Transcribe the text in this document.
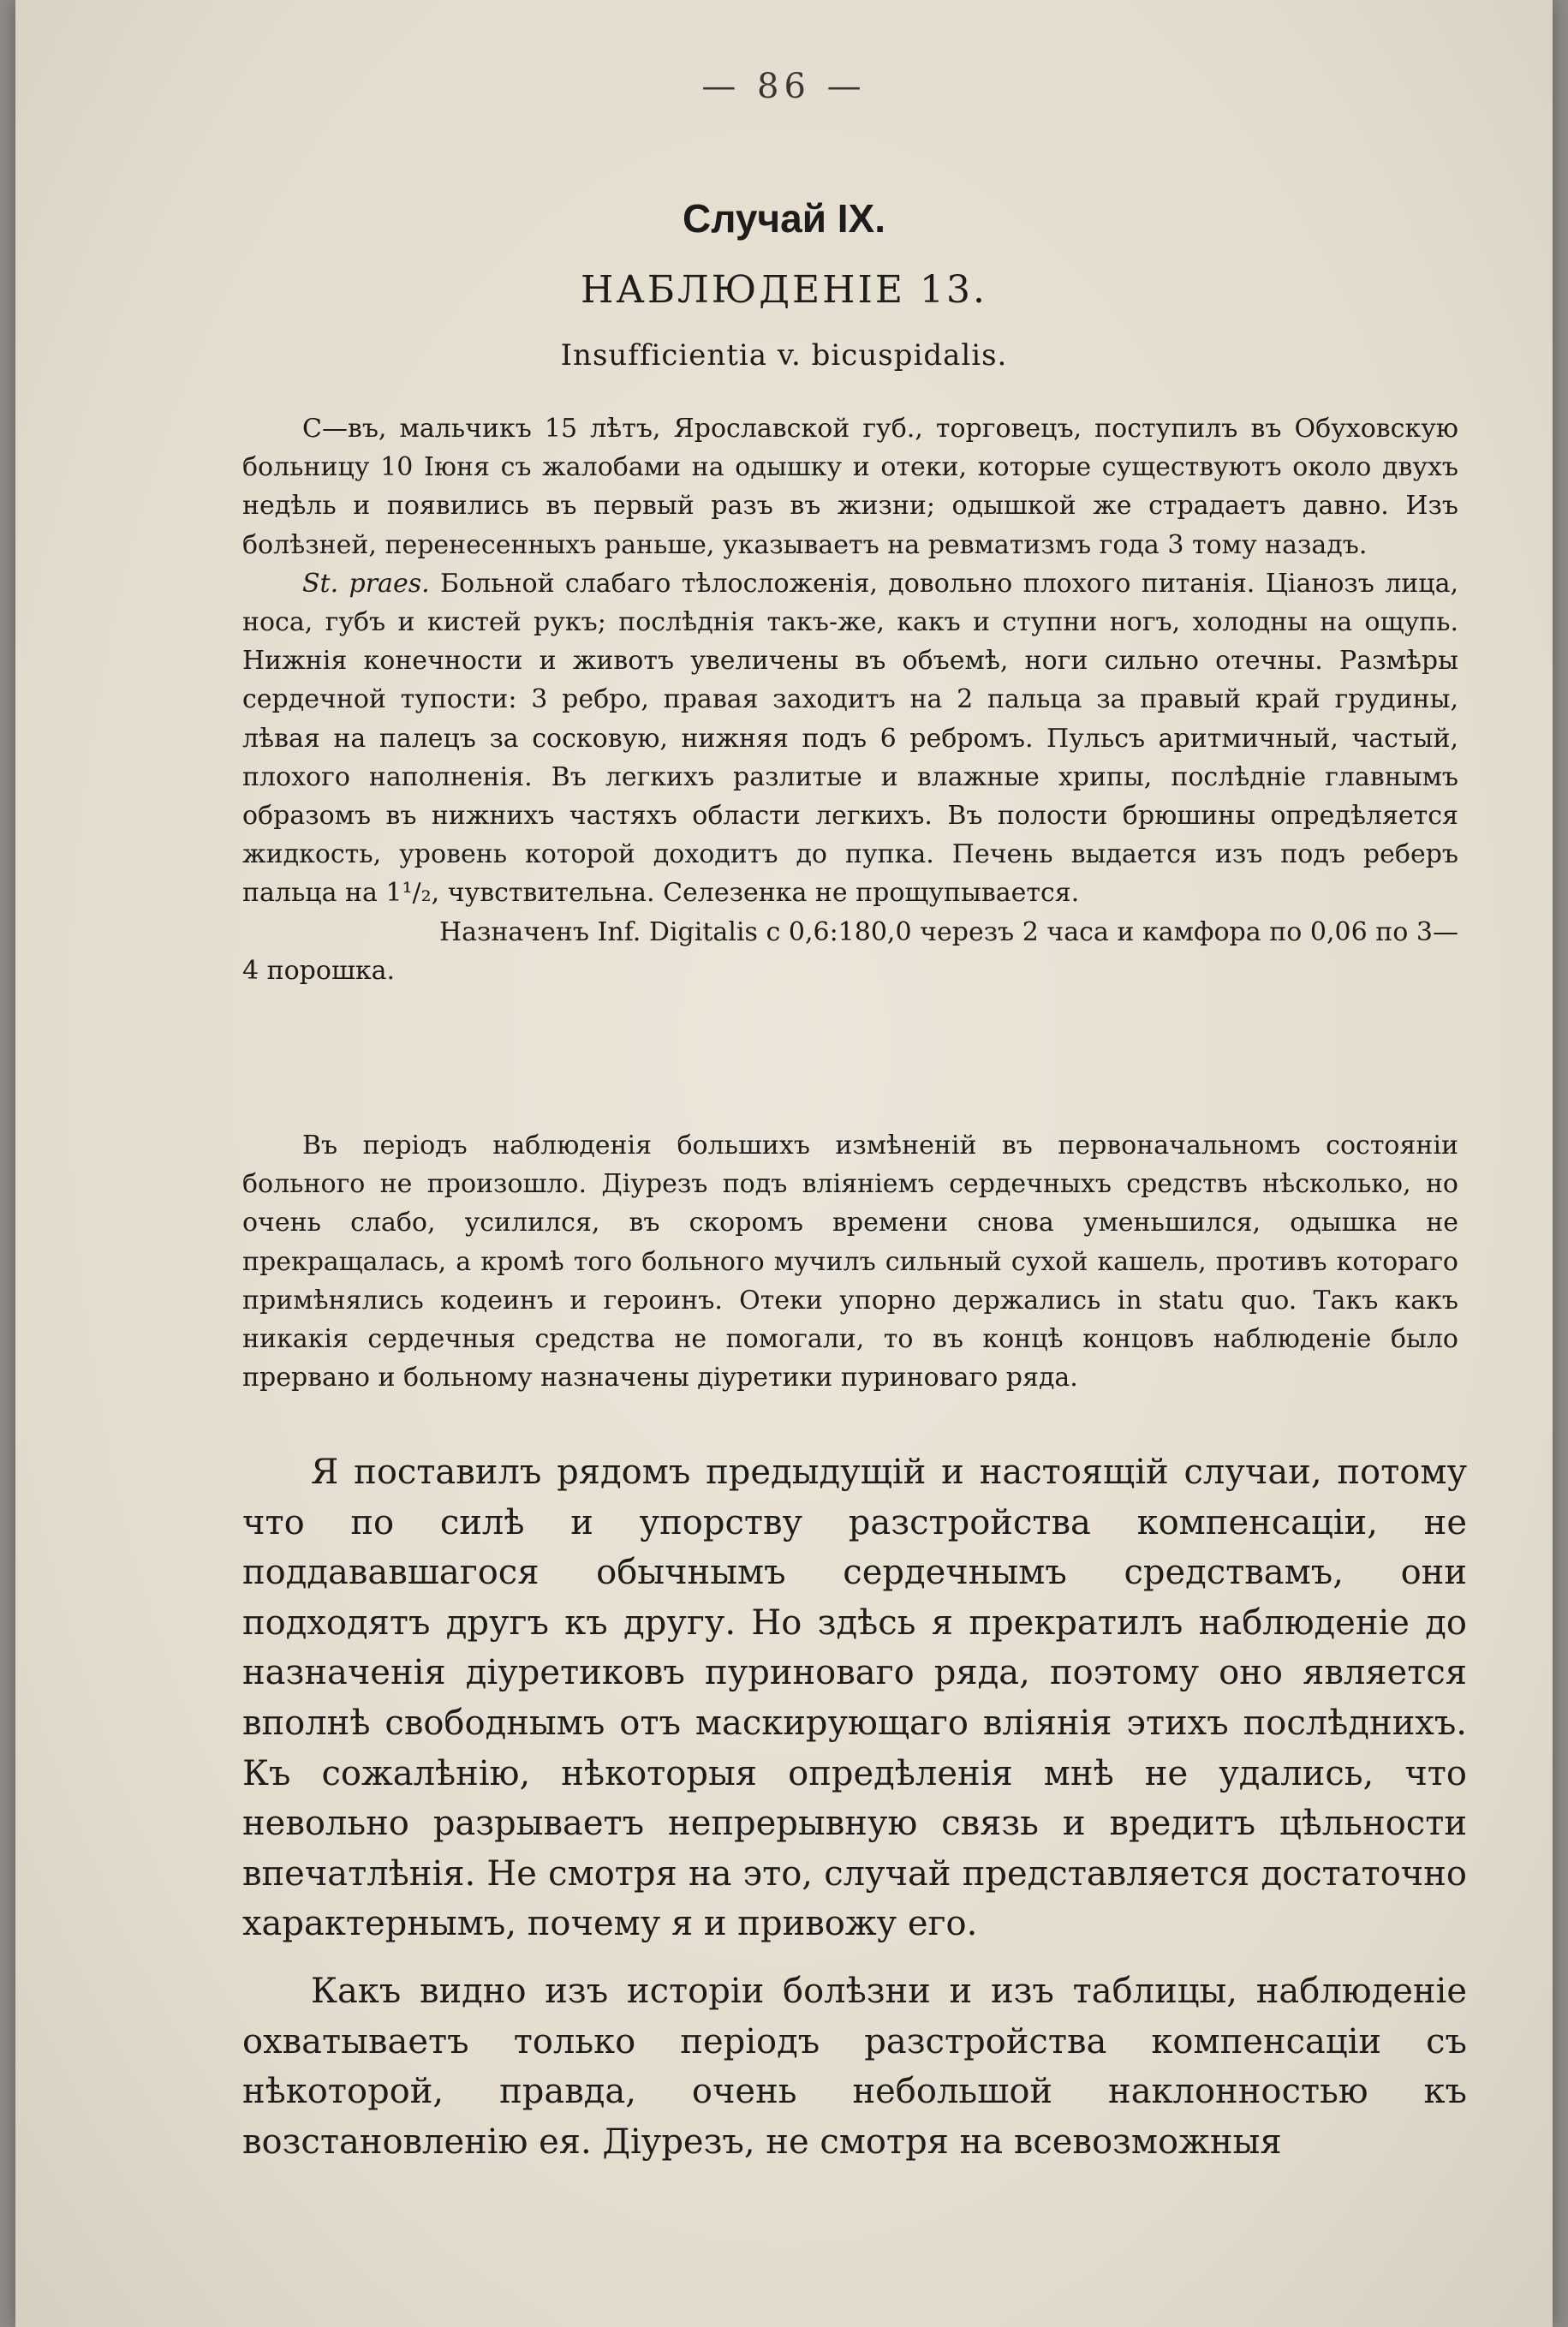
— 86 —
Случай IX.
НАБЛЮДЕНIЕ 13.
Insufficientia v. bicuspidalis.

С—въ, мальчикъ 15 лѣтъ, Ярославской губ., торговецъ, поступилъ въ Обуховскую больницу 10 Iюня съ жалобами на одышку и отеки, которые существуютъ около двухъ недѣль и появились въ первый разъ въ жизни; одышкой же страдаетъ давно. Изъ болѣзней, перенесенныхъ раньше, указываетъ на ревматизмъ года 3 тому назадъ.

St. praes. Больной слабаго тѣлосложенiя, довольно плохого питанiя. Цiанозъ лица, носа, губъ и кистей рукъ; послѣднiя такъ-же, какъ и ступни ногъ, холодны на ощупь. Нижнiя конечности и животъ увеличены въ объемѣ, ноги сильно отечны. Размѣры сердечной тупости: 3 ребро, правая заходитъ на 2 пальца за правый край грудины, лѣвая на палецъ за сосковую, нижняя подъ 6 ребромъ. Пульсъ аритмичный, частый, плохого наполненiя. Въ легкихъ разлитые и влажные хрипы, послѣднiе главнымъ образомъ въ нижнихъ частяхъ области легкихъ. Въ полости брюшины опредѣляется жидкость, уровень которой доходитъ до пупка. Печень выдается изъ подъ реберъ пальца на 1¹/₂, чувствительна. Селезенка не прощупывается.

Назначенъ Inf. Digitalis с 0,6:180,0 черезъ 2 часа и камфора по 0,06 по 3—4 порошка.

Въ перiодъ наблюденiя большихъ измѣненiй въ первоначальномъ состоянiи больного не произошло. Дiурезъ подъ влiянiемъ сердечныхъ средствъ нѣсколько, но очень слабо, усилился, въ скоромъ времени снова уменьшился, одышка не прекращалась, а кромѣ того больного мучилъ сильный сухой кашель, противъ котораго примѣнялись кодеинъ и героинъ. Отеки упорно держались in statu quo. Такъ какъ никакiя сердечныя средства не помогали, то въ концѣ концовъ наблюденiе было прервано и больному назначены дiуретики пуриноваго ряда.

Я поставилъ рядомъ предыдущiй и настоящiй случаи, потому что по силѣ и упорству разстройства компенсацiи, не поддававшагося обычнымъ сердечнымъ средствамъ, они подходятъ другъ къ другу. Но здѣсь я прекратилъ наблюденiе до назначенiя дiуретиковъ пуриноваго ряда, поэтому оно является вполнѣ свободнымъ отъ маскирующаго влiянiя этихъ послѣднихъ. Къ сожалѣнiю, нѣкоторыя опредѣленiя мнѣ не удались, что невольно разрываетъ непрерывную связь и вредитъ цѣльности впечатлѣнiя. Не смотря на это, случай представляется достаточно характернымъ, почему я и привожу его.

Какъ видно изъ исторiи болѣзни и изъ таблицы, наблюденiе охватываетъ только перiодъ разстройства компенсацiи съ нѣкоторой, правда, очень небольшой наклонностью къ возстановленiю ея. Дiурезъ, не смотря на всевозможныя
